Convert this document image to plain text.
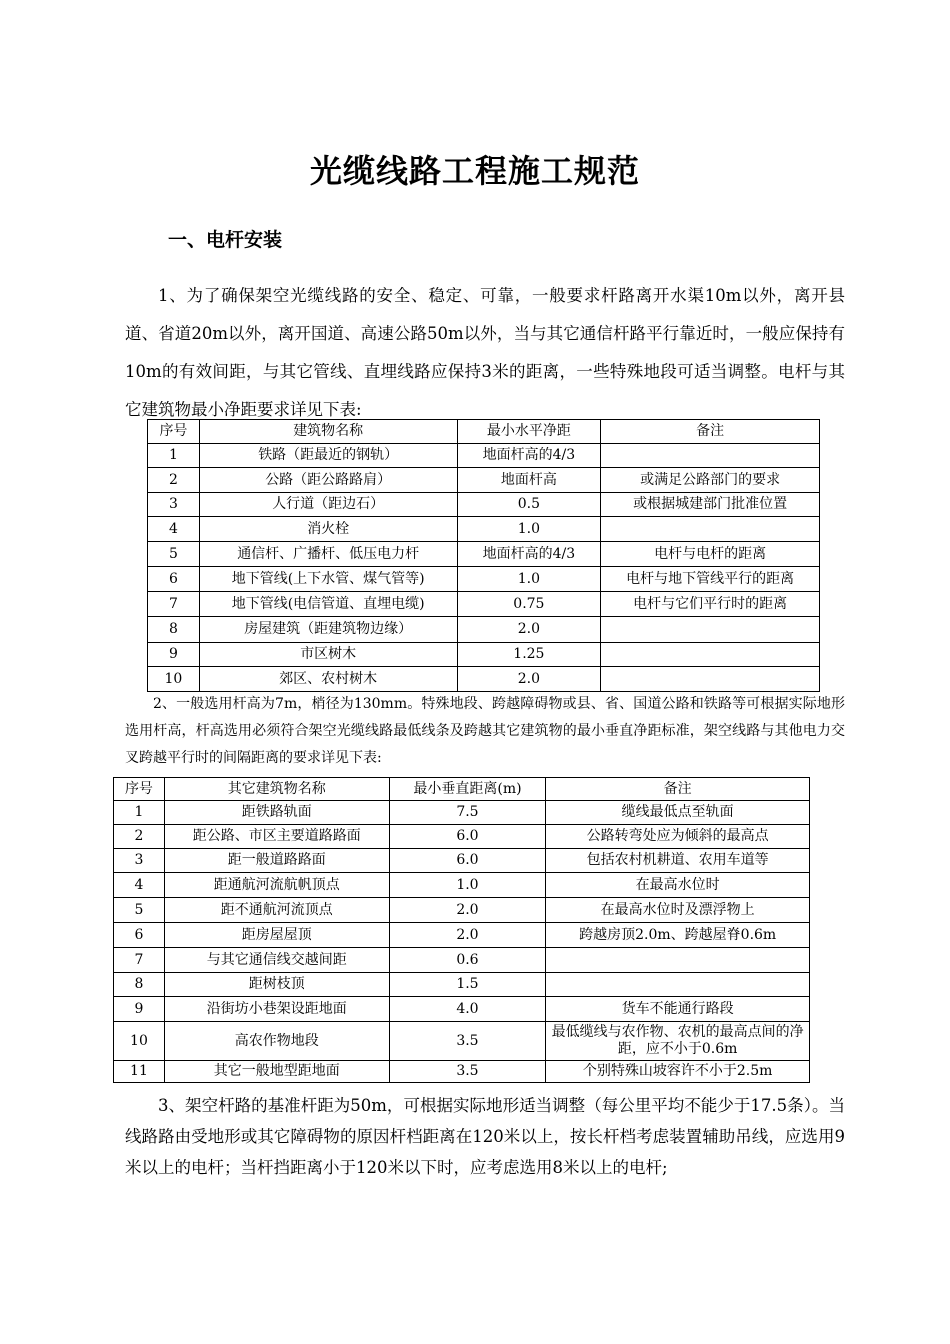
光缆线路工程施工规范
一、电杆安装

1、为了确保架空光缆线路的安全、稳定、可靠，一般要求杆路离开水渠10m以外，离开县道、省道20m以外，离开国道、高速公路50m以外，当与其它通信杆路平行靠近时，一般应保持有10m的有效间距，与其它管线、直埋线路应保持3米的距离，一些特殊地段可适当调整。电杆与其它建筑物最小净距要求详见下表:

序号	建筑物名称	最小水平净距	备注
1	铁路（距最近的钢轨）	地面杆高的4/3	
2	公路（距公路路肩）	地面杆高	或满足公路部门的要求
3	人行道（距边石）	0.5	或根据城建部门批准位置
4	消火栓	1.0	
5	通信杆、广播杆、低压电力杆	地面杆高的4/3	电杆与电杆的距离
6	地下管线(上下水管、煤气管等)	1.0	电杆与地下管线平行的距离
7	地下管线(电信管道、直埋电缆)	0.75	电杆与它们平行时的距离
8	房屋建筑（距建筑物边缘）	2.0	
9	市区树木	1.25	
10	郊区、农村树木	2.0	

2、一般选用杆高为7m，梢径为130mm。特殊地段、跨越障碍物或县、省、国道公路和铁路等可根据实际地形选用杆高，杆高选用必须符合架空光缆线路最低线条及跨越其它建筑物的最小垂直净距标准，架空线路与其他电力交叉跨越平行时的间隔距离的要求详见下表:

序号	其它建筑物名称	最小垂直距离(m)	备注
1	距铁路轨面	7.5	缆线最低点至轨面
2	距公路、市区主要道路路面	6.0	公路转弯处应为倾斜的最高点
3	距一般道路路面	6.0	包括农村机耕道、农用车道等
4	距通航河流航帆顶点	1.0	在最高水位时
5	距不通航河流顶点	2.0	在最高水位时及漂浮物上
6	距房屋屋顶	2.0	跨越房顶2.0m、跨越屋脊0.6m
7	与其它通信线交越间距	0.6	
8	距树枝顶	1.5	
9	沿街坊小巷架设距地面	4.0	货车不能通行路段
10	高农作物地段	3.5	最低缆线与农作物、农机的最高点间的净距，应不小于0.6m
11	其它一般地型距地面	3.5	个别特殊山坡容许不小于2.5m

3、架空杆路的基准杆距为50m，可根据实际地形适当调整（每公里平均不能少于17.5条）。当线路路由受地形或其它障碍物的原因杆档距离在120米以上，按长杆档考虑装置辅助吊线，应选用9米以上的电杆；当杆挡距离小于120米以下时，应考虑选用8米以上的电杆;
